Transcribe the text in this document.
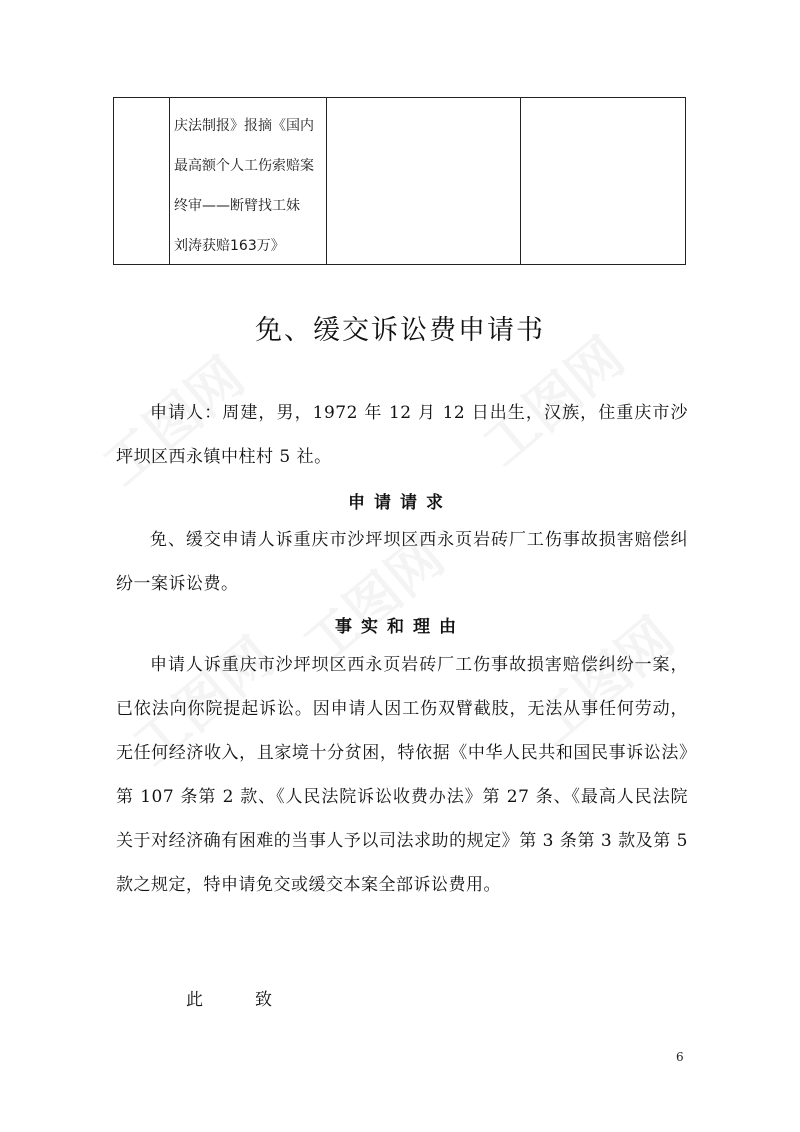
庆法制报》报摘《国内
最高额个人工伤索赔案
终审——断臂找工妹
刘涛获赔163万》
免、缓交诉讼费申请书
申请人：周建，男，1972 年 12 月 12 日出生，汉族，住重庆市沙坪坝区西永镇中柱村 5 社。
申请请求
免、缓交申请人诉重庆市沙坪坝区西永页岩砖厂工伤事故损害赔偿纠纷一案诉讼费。
事实和理由
申请人诉重庆市沙坪坝区西永页岩砖厂工伤事故损害赔偿纠纷一案，已依法向你院提起诉讼。因申请人因工伤双臂截肢，无法从事任何劳动，无任何经济收入，且家境十分贫困，特依据《中华人民共和国民事诉讼法》第 107 条第 2 款、《人民法院诉讼收费办法》第 27 条、《最高人民法院关于对经济确有困难的当事人予以司法求助的规定》第 3 条第 3 款及第 5 款之规定，特申请免交或缓交本案全部诉讼费用。
此	致
6
